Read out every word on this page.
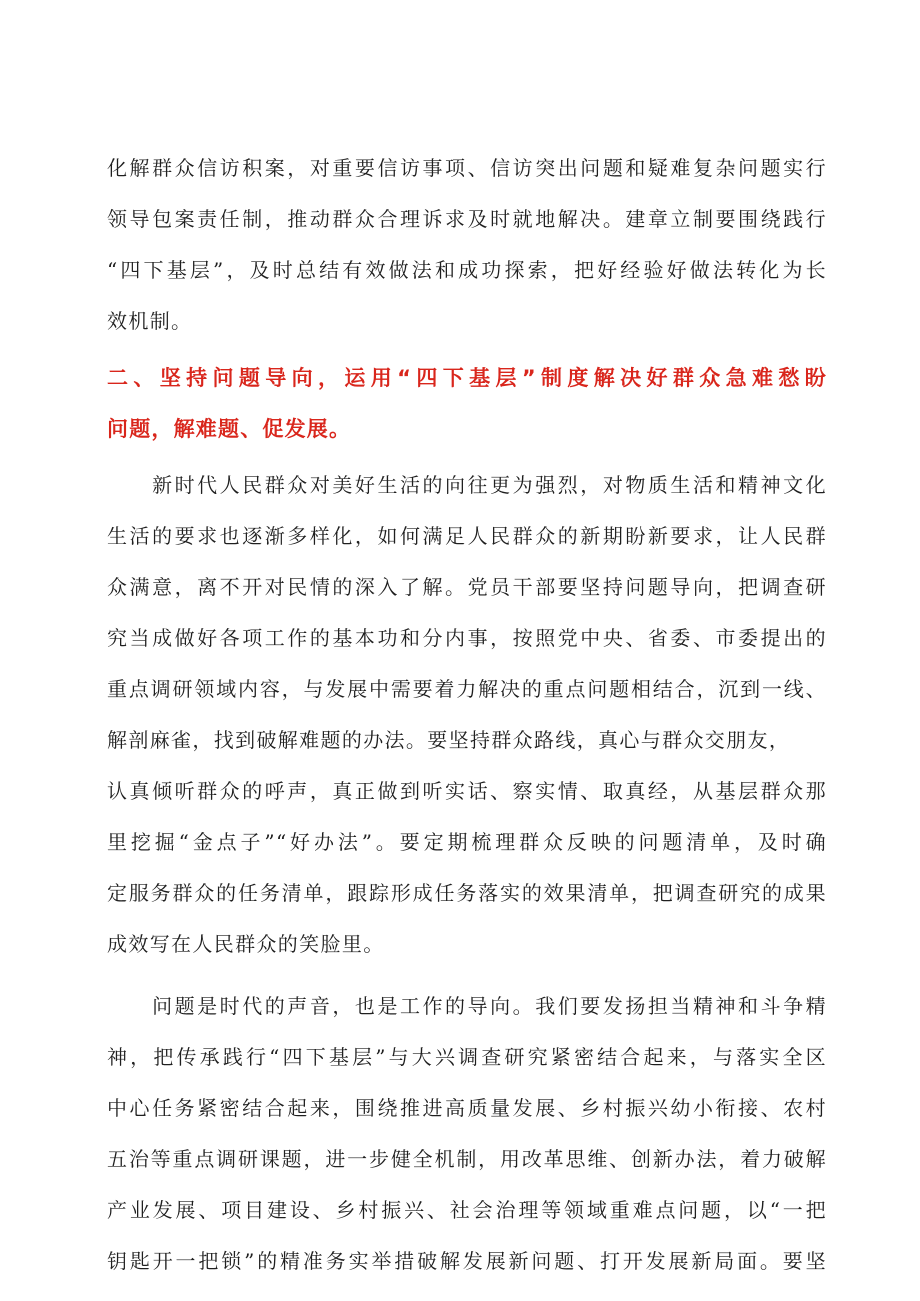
化解群众信访积案，对重要信访事项、信访突出问题和疑难复杂问题实行
领导包案责任制，推动群众合理诉求及时就地解决。建章立制要围绕践行
“四下基层”，及时总结有效做法和成功探索，把好经验好做法转化为长
效机制。
二、坚持问题导向，运用“四下基层”制度解决好群众急难愁盼
问题，解难题、促发展。
　　新时代人民群众对美好生活的向往更为强烈，对物质生活和精神文化
生活的要求也逐渐多样化，如何满足人民群众的新期盼新要求，让人民群
众满意，离不开对民情的深入了解。党员干部要坚持问题导向，把调查研
究当成做好各项工作的基本功和分内事，按照党中央、省委、市委提出的
重点调研领域内容，与发展中需要着力解决的重点问题相结合，沉到一线、
解剖麻雀，找到破解难题的办法。要坚持群众路线，真心与群众交朋友，
认真倾听群众的呼声，真正做到听实话、察实情、取真经，从基层群众那
里挖掘“金点子”“好办法”。要定期梳理群众反映的问题清单，及时确
定服务群众的任务清单，跟踪形成任务落实的效果清单，把调查研究的成果
成效写在人民群众的笑脸里。
　　问题是时代的声音，也是工作的导向。我们要发扬担当精神和斗争精
神，把传承践行“四下基层”与大兴调查研究紧密结合起来，与落实全区
中心任务紧密结合起来，围绕推进高质量发展、乡村振兴幼小衔接、农村
五治等重点调研课题，进一步健全机制，用改革思维、创新办法，着力破解
产业发展、项目建设、乡村振兴、社会治理等领域重难点问题，以“一把
钥匙开一把锁”的精准务实举措破解发展新问题、打开发展新局面。要坚
